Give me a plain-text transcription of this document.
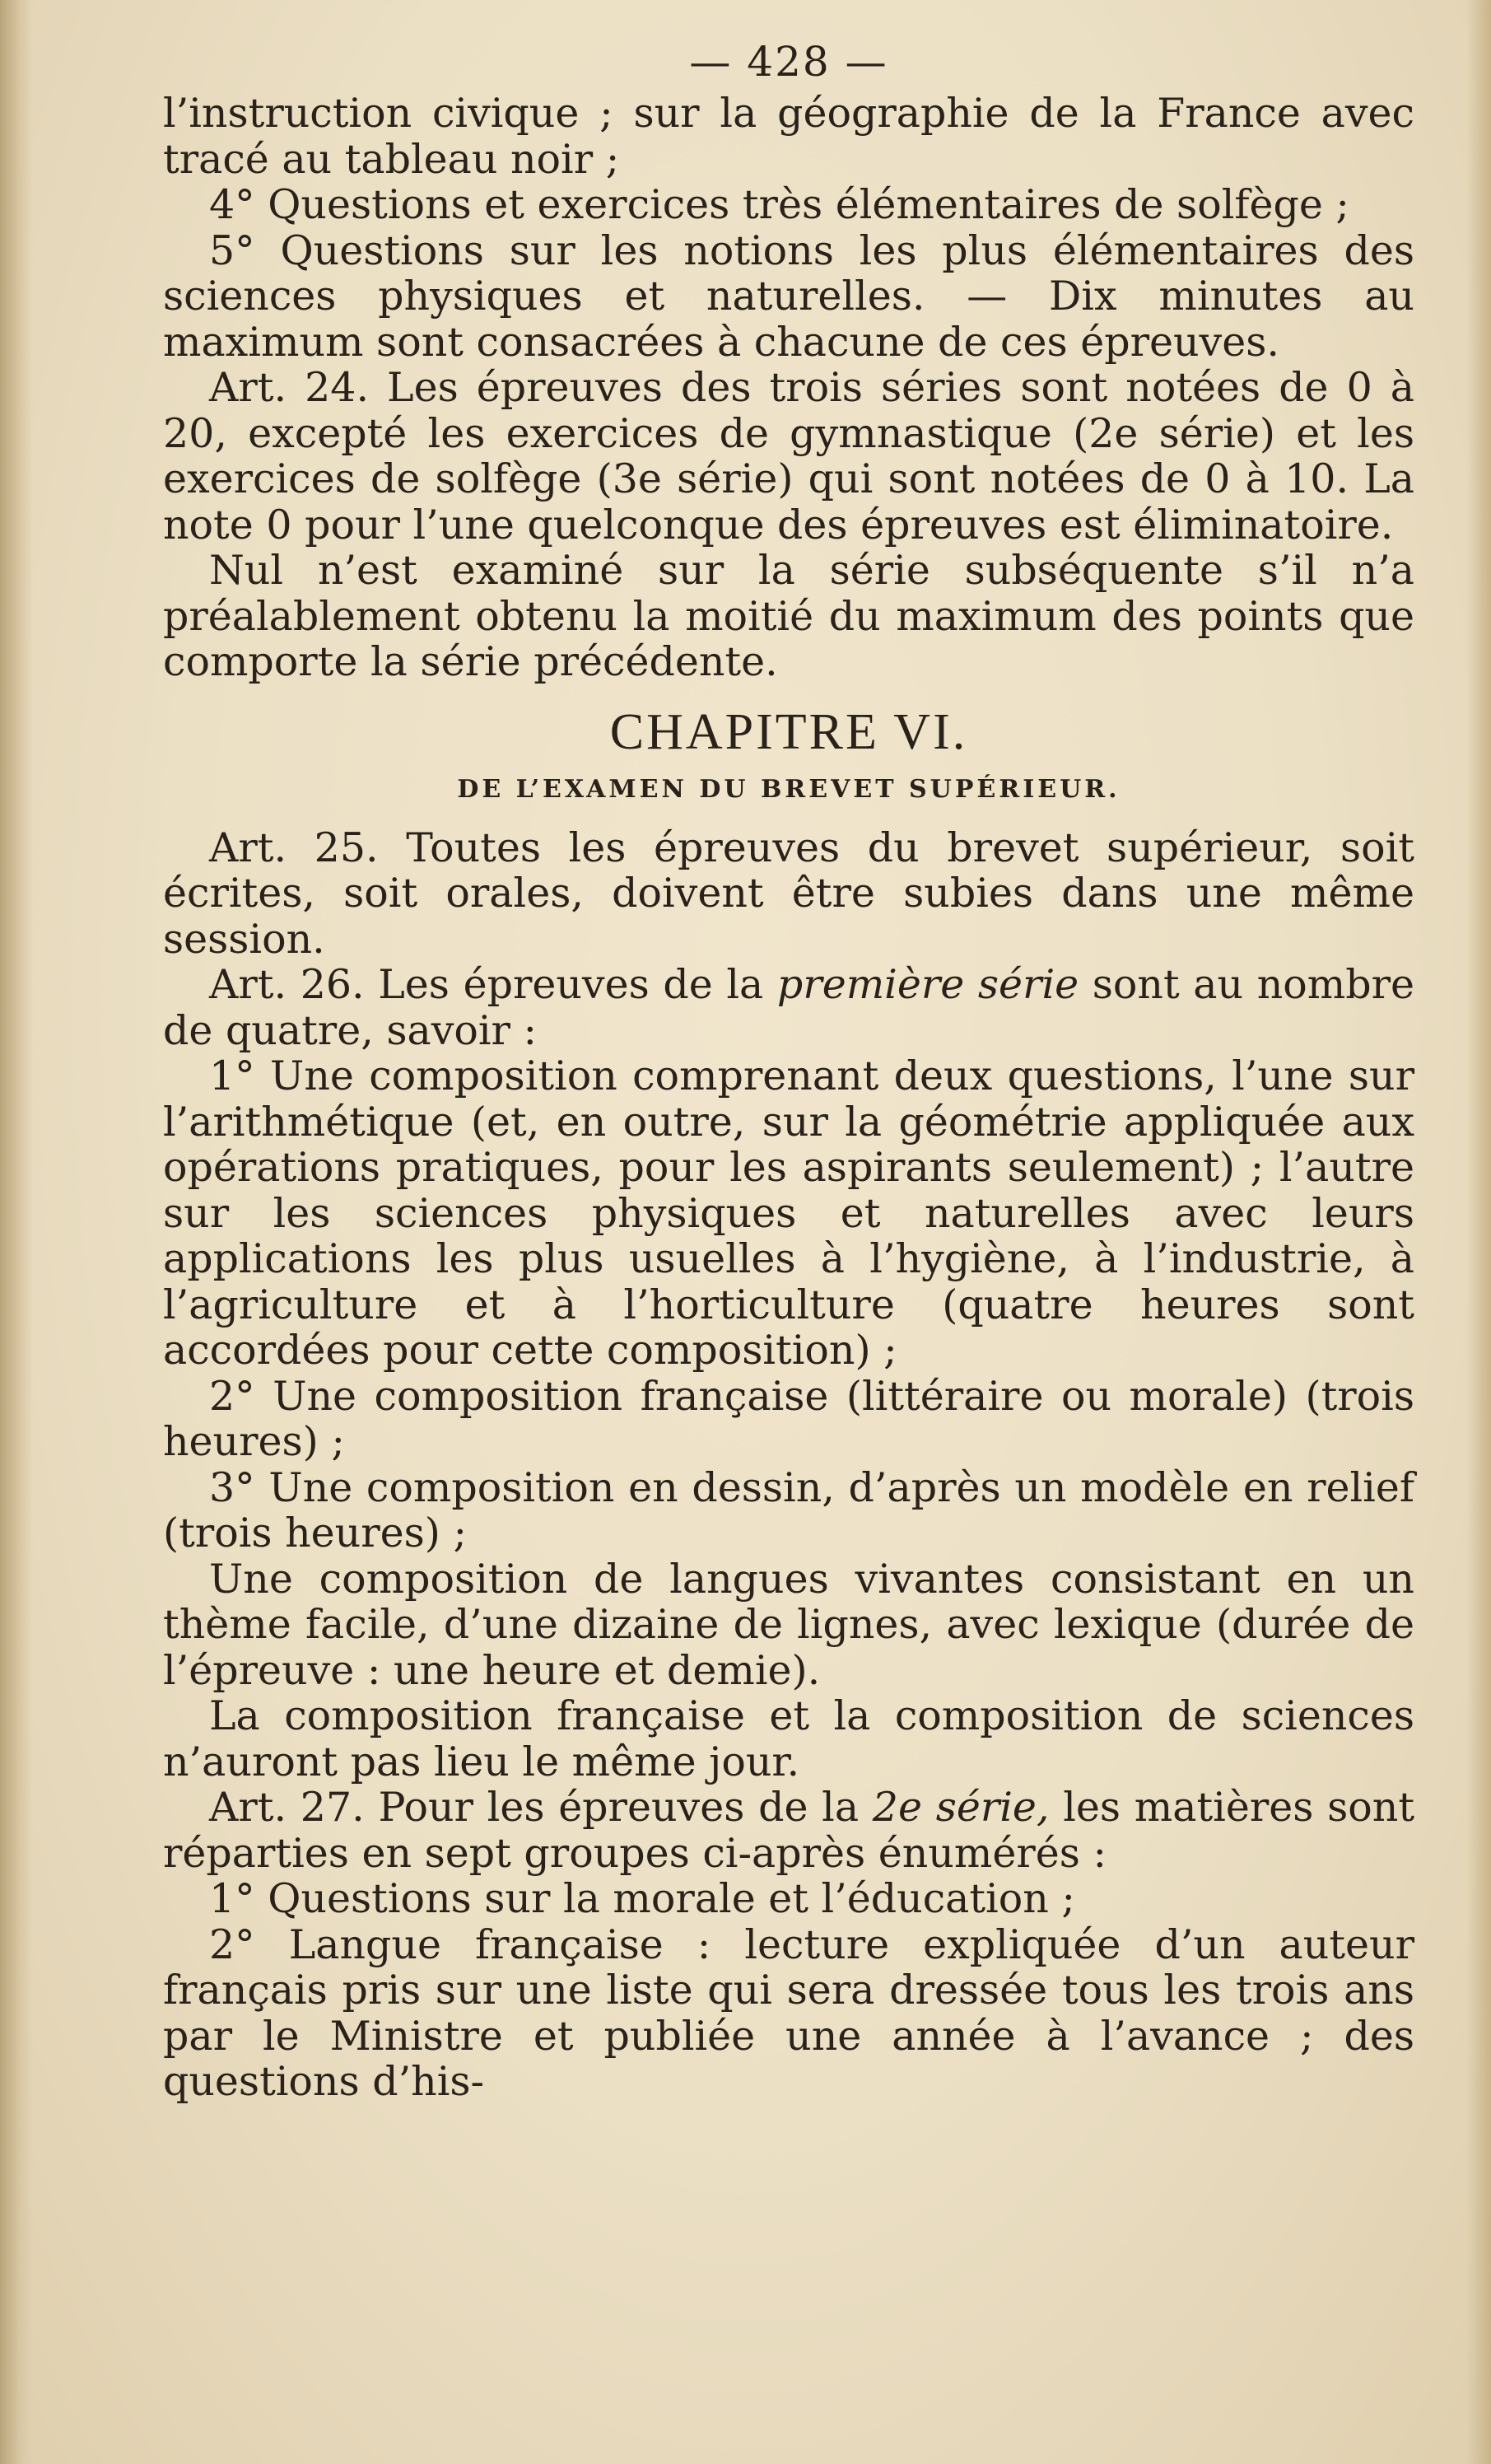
— 428 —

l’instruction civique ; sur la géographie de la France avec tracé au tableau noir ;

4° Questions et exercices très élémentaires de solfège ;

5° Questions sur les notions les plus élémentaires des sciences physiques et naturelles. — Dix minutes au maximum sont consacrées à chacune de ces épreuves.

Art. 24. Les épreuves des trois séries sont notées de 0 à 20, excepté les exercices de gymnastique (2e série) et les exercices de solfège (3e série) qui sont notées de 0 à 10. La note 0 pour l’une quelconque des épreuves est éliminatoire.

Nul n’est examiné sur la série subséquente s’il n’a préalablement obtenu la moitié du maximum des points que comporte la série précédente.

CHAPITRE VI.
DE L’EXAMEN DU BREVET SUPÉRIEUR.

Art. 25. Toutes les épreuves du brevet supérieur, soit écrites, soit orales, doivent être subies dans une même session.

Art. 26. Les épreuves de la première série sont au nombre de quatre, savoir :

1° Une composition comprenant deux questions, l’une sur l’arithmétique (et, en outre, sur la géométrie appliquée aux opérations pratiques, pour les aspirants seulement) ; l’autre sur les sciences physiques et naturelles avec leurs applications les plus usuelles à l’hygiène, à l’industrie, à l’agriculture et à l’horticulture (quatre heures sont accordées pour cette composition) ;

2° Une composition française (littéraire ou morale) (trois heures) ;

3° Une composition en dessin, d’après un modèle en relief (trois heures) ;

Une composition de langues vivantes consistant en un thème facile, d’une dizaine de lignes, avec lexique (durée de l’épreuve : une heure et demie).

La composition française et la composition de sciences n’auront pas lieu le même jour.

Art. 27. Pour les épreuves de la 2e série, les matières sont réparties en sept groupes ci-après énumérés :

1° Questions sur la morale et l’éducation ;

2° Langue française : lecture expliquée d’un auteur français pris sur une liste qui sera dressée tous les trois ans par le Ministre et publiée une année à l’avance ; des questions d’his-
